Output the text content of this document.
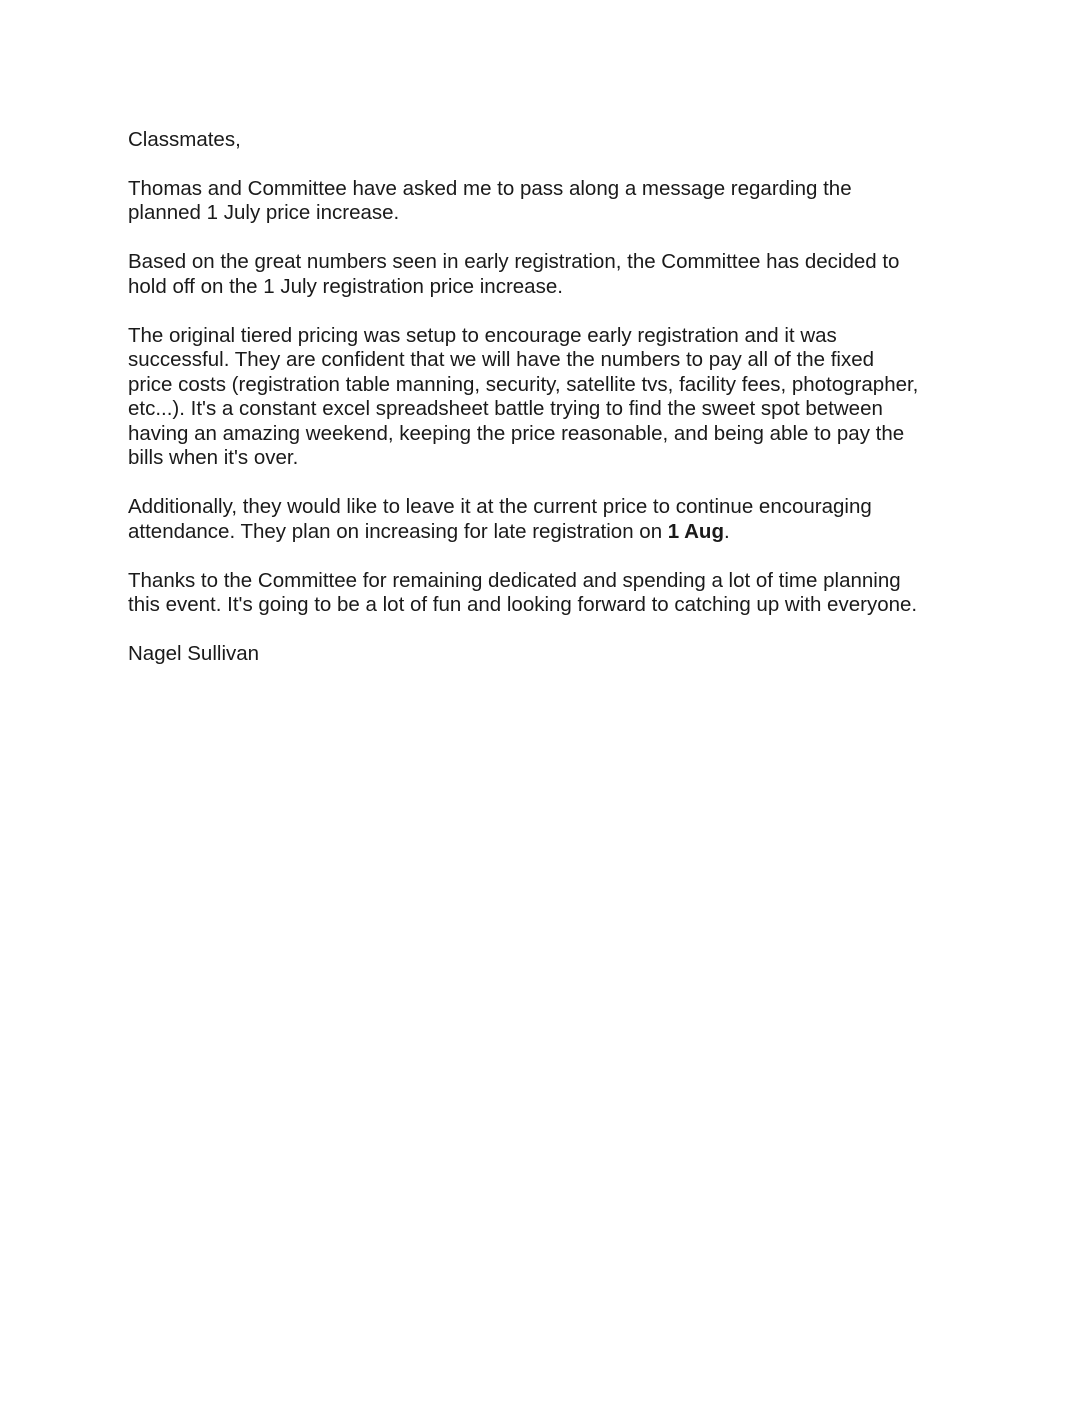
Classmates,

Thomas and Committee have asked me to pass along a message regarding the
planned 1 July price increase.

Based on the great numbers seen in early registration, the Committee has decided to
hold off on the 1 July registration price increase.

The original tiered pricing was setup to encourage early registration and it was
successful. They are confident that we will have the numbers to pay all of the fixed
price costs (registration table manning, security, satellite tvs, facility fees, photographer,
etc...). It's a constant excel spreadsheet battle trying to find the sweet spot between
having an amazing weekend, keeping the price reasonable, and being able to pay the
bills when it's over.

Additionally, they would like to leave it at the current price to continue encouraging
attendance. They plan on increasing for late registration on 1 Aug.

Thanks to the Committee for remaining dedicated and spending a lot of time planning
this event. It's going to be a lot of fun and looking forward to catching up with everyone.

Nagel Sullivan
